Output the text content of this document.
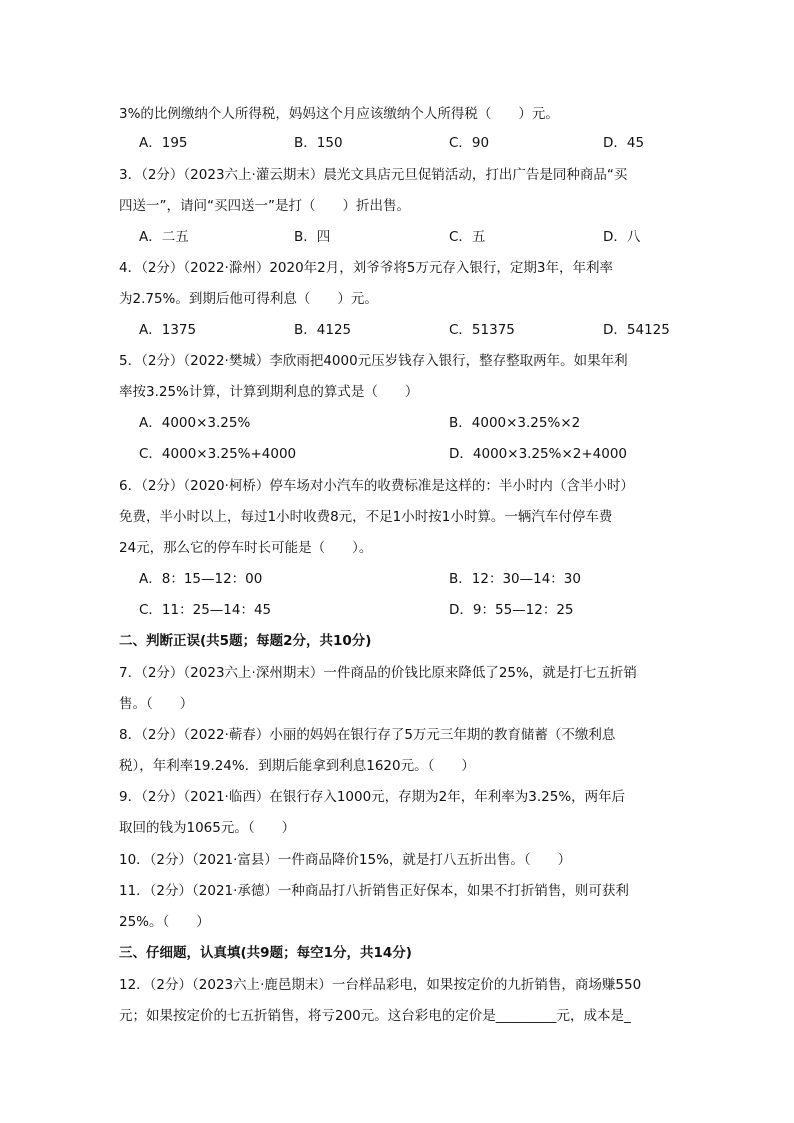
3%的比例缴纳个人所得税，妈妈这个月应该缴纳个人所得税（　　）元。
A．195	B．150	C．90	D．45
3．（2分）（2023六上·灌云期末）晨光文具店元旦促销活动，打出广告是同种商品“买
四送一”，请问“买四送一”是打（　　）折出售。
A．二五	B．四	C．五	D．八
4．（2分）（2022·滁州）2020年2月，刘爷爷将5万元存入银行，定期3年，年利率
为2.75%。到期后他可得利息（　　）元。
A．1375	B．4125	C．51375	D．54125
5．（2分）（2022·樊城）李欣雨把4000元压岁钱存入银行，整存整取两年。如果年利
率按3.25%计算，计算到期利息的算式是（　　）
A．4000×3.25%	B．4000×3.25%×2
C．4000×3.25%+4000	D．4000×3.25%×2+4000
6．（2分）（2020·柯桥）停车场对小汽车的收费标准是这样的：半小时内（含半小时）
免费，半小时以上，每过1小时收费8元，不足1小时按1小时算。一辆汽车付停车费
24元，那么它的停车时长可能是（　　）。
A．8：15—12：00	B．12：30—14：30
C．11：25—14：45	D．9：55—12：25
二、判断正误(共5题；每题2分，共10分)
7．（2分）（2023六上·深州期末）一件商品的价钱比原来降低了25%，就是打七五折销
售。（　　）
8．（2分）（2022·蕲春）小丽的妈妈在银行存了5万元三年期的教育储蓄（不缴利息
税），年利率19.24%．到期后能拿到利息1620元。（　　）
9．（2分）（2021·临西）在银行存入1000元，存期为2年，年利率为3.25%，两年后
取回的钱为1065元。（　　）
10．（2分）（2021·富县）一件商品降价15%，就是打八五折出售。（　　）
11．（2分）（2021·承德）一种商品打八折销售正好保本，如果不打折销售，则可获利
25%。（　　）
三、仔细题，认真填(共9题；每空1分，共14分)
12．（2分）（2023六上·鹿邑期末）一台样品彩电，如果按定价的九折销售，商场赚550
元；如果按定价的七五折销售，将亏200元。这台彩电的定价是_________元，成本是_
